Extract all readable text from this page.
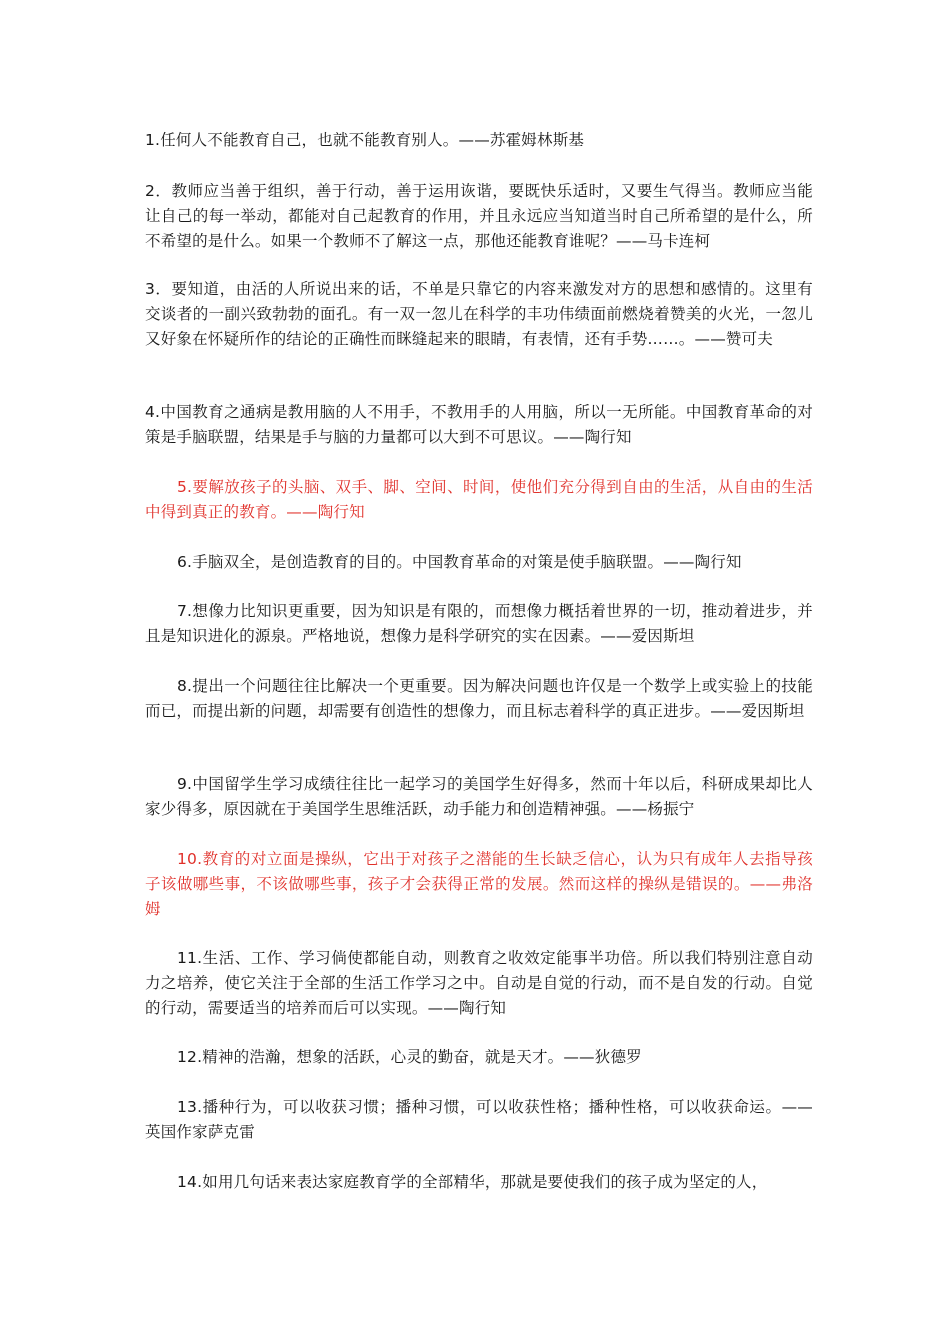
1.任何人不能教育自己，也就不能教育别人。——苏霍姆林斯基

2．教师应当善于组织，善于行动，善于运用诙谐，要既快乐适时，又要生气得当。教师应当能让自己的每一举动，都能对自己起教育的作用，并且永远应当知道当时自己所希望的是什么，所不希望的是什么。如果一个教师不了解这一点，那他还能教育谁呢？——马卡连柯

3．要知道，由活的人所说出来的话，不单是只靠它的内容来激发对方的思想和感情的。这里有交谈者的一副兴致勃勃的面孔。有一双一忽儿在科学的丰功伟绩面前燃烧着赞美的火光，一忽儿又好象在怀疑所作的结论的正确性而眯缝起来的眼睛，有表情，还有手势……。——赞可夫

4.中国教育之通病是教用脑的人不用手，不教用手的人用脑，所以一无所能。中国教育革命的对策是手脑联盟，结果是手与脑的力量都可以大到不可思议。——陶行知

5.要解放孩子的头脑、双手、脚、空间、时间，使他们充分得到自由的生活，从自由的生活中得到真正的教育。——陶行知

6.手脑双全，是创造教育的目的。中国教育革命的对策是使手脑联盟。——陶行知

7.想像力比知识更重要，因为知识是有限的，而想像力概括着世界的一切，推动着进步，并且是知识进化的源泉。严格地说，想像力是科学研究的实在因素。——爱因斯坦

8.提出一个问题往往比解决一个更重要。因为解决问题也许仅是一个数学上或实验上的技能而已，而提出新的问题，却需要有创造性的想像力，而且标志着科学的真正进步。——爱因斯坦

9.中国留学生学习成绩往往比一起学习的美国学生好得多，然而十年以后，科研成果却比人家少得多，原因就在于美国学生思维活跃，动手能力和创造精神强。——杨振宁

10.教育的对立面是操纵，它出于对孩子之潜能的生长缺乏信心，认为只有成年人去指导孩子该做哪些事，不该做哪些事，孩子才会获得正常的发展。然而这样的操纵是错误的。——弗洛姆

11.生活、工作、学习倘使都能自动，则教育之收效定能事半功倍。所以我们特别注意自动力之培养，使它关注于全部的生活工作学习之中。自动是自觉的行动，而不是自发的行动。自觉的行动，需要适当的培养而后可以实现。——陶行知

12.精神的浩瀚，想象的活跃，心灵的勤奋，就是天才。——狄德罗

13.播种行为，可以收获习惯；播种习惯，可以收获性格；播种性格，可以收获命运。——英国作家萨克雷

14.如用几句话来表达家庭教育学的全部精华，那就是要使我们的孩子成为坚定的人，
